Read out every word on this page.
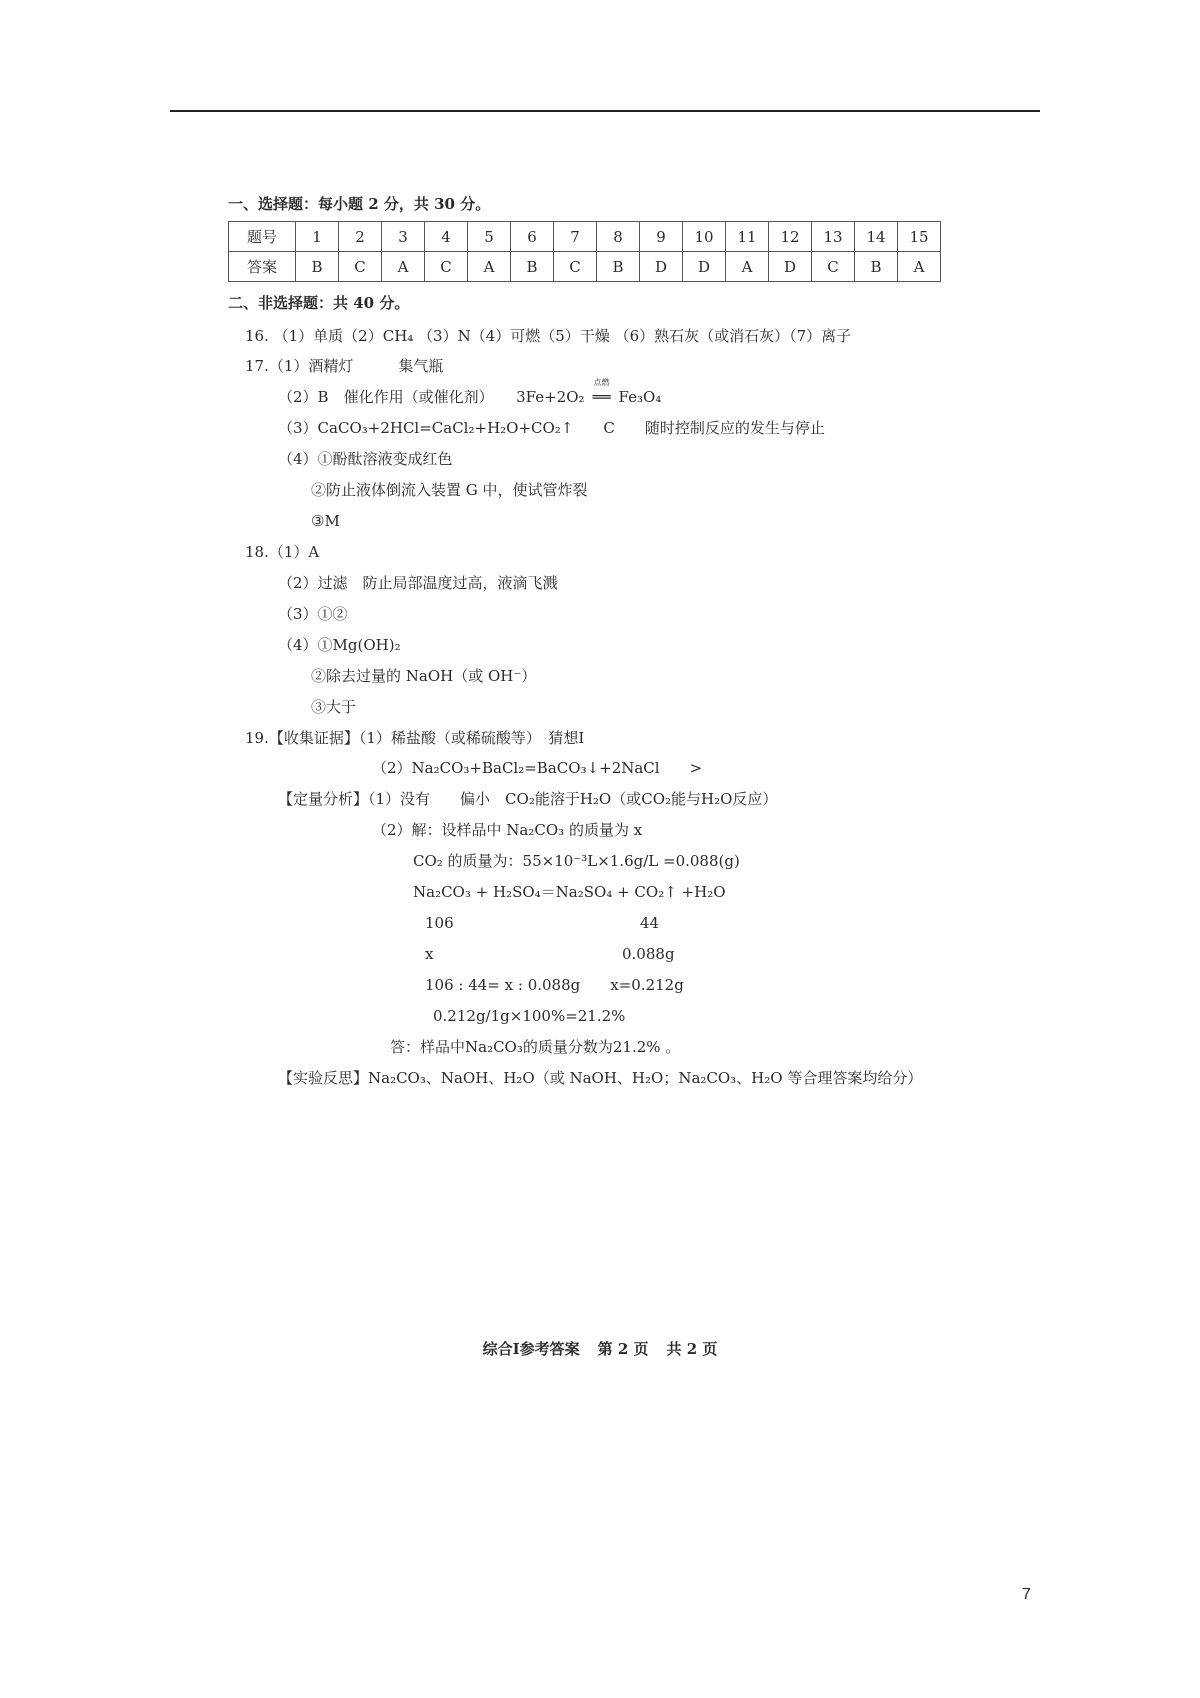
一、选择题：每小题 2 分，共 30 分。
题号	1	2	3	4	5	6	7	8	9	10	11	12	13	14	15
答案	B	C	A	C	A	B	C	B	D	D	A	D	C	B	A
二、非选择题：共 40 分。
16. （1）单质（2）CH₄ （3）N（4）可燃（5）干燥 （6）熟石灰（或消石灰）（7）离子
17.（1）酒精灯　　　集气瓶
（2）B　催化作用（或催化剂）　　3Fe+2O₂
点燃
══ Fe₃O₄
（3）CaCO₃+2HCl=CaCl₂+H₂O+CO₂↑　　C　　随时控制反应的发生与停止
（4）①酚酞溶液变成红色
②防止液体倒流入装置 G 中，使试管炸裂
③M
18.（1）A
（2）过滤　防止局部温度过高，液滴飞溅
（3）①②
（4）①Mg(OH)₂
②除去过量的 NaOH（或 OH⁻）
③大于
19.【收集证据】（1）稀盐酸（或稀硫酸等）　猜想Ⅰ
（2）Na₂CO₃+BaCl₂=BaCO₃↓+2NaCl　　>
【定量分析】（1）没有　　偏小　CO₂能溶于H₂O（或CO₂能与H₂O反应）
（2）解：设样品中 Na₂CO₃ 的质量为 x
CO₂ 的质量为：55×10⁻³L×1.6g/L =0.088(g)
Na₂CO₃ + H₂SO₄＝Na₂SO₄ + CO₂↑ +H₂O
106	44
x	0.088g
106 : 44= x : 0.088g　　x=0.212g
0.212g/1g×100%=21.2%
答：样品中Na₂CO₃的质量分数为21.2% 。
【实验反思】Na₂CO₃、NaOH、H₂O（或 NaOH、H₂O；Na₂CO₃、H₂O 等合理答案均给分）
综合Ⅰ参考答案 第 2 页 共 2 页
7
